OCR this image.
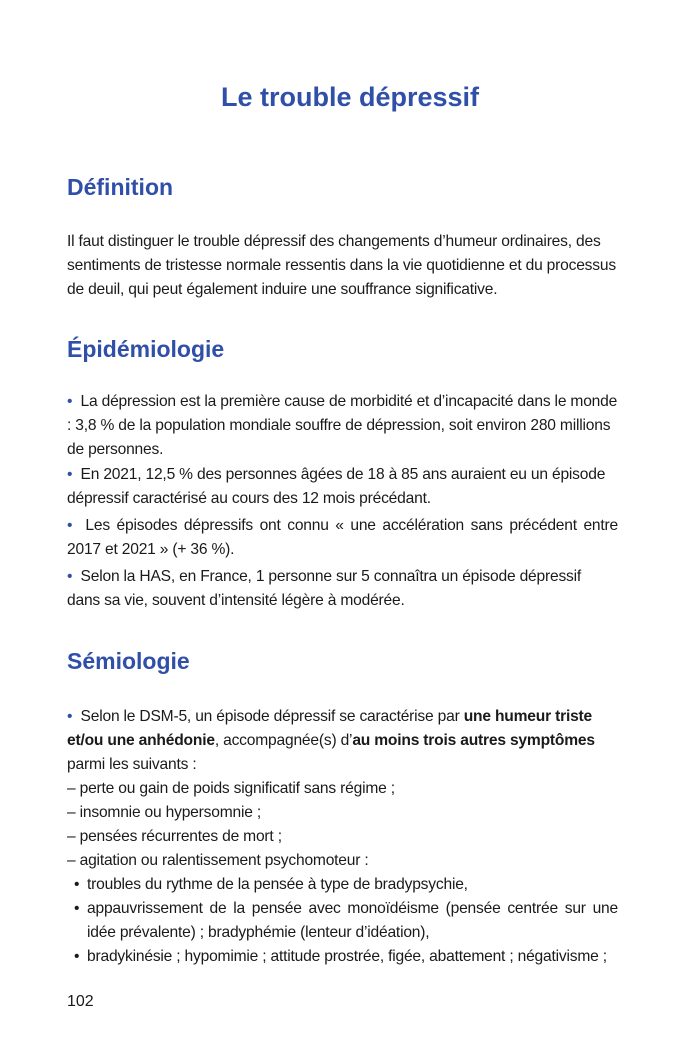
Le trouble dépressif
Définition

Il faut distinguer le trouble dépressif des changements d’humeur ordinaires, des sentiments de tristesse normale ressentis dans la vie quotidienne et du processus de deuil, qui peut également induire une souffrance significative.

Épidémiologie

• La dépression est la première cause de morbidité et d’incapacité dans le monde : 3,8 % de la population mondiale souffre de dépression, soit environ 280 millions de personnes.

• En 2021, 12,5 % des personnes âgées de 18 à 85 ans auraient eu un épisode dépressif caractérisé au cours des 12 mois précédant.

• Les épisodes dépressifs ont connu « une accélération sans précédent entre 2017 et 2021 » (+ 36 %).

• Selon la HAS, en France, 1 personne sur 5 connaîtra un épisode dépressif dans sa vie, souvent d’intensité légère à modérée.

Sémiologie

• Selon le DSM-5, un épisode dépressif se caractérise par une humeur triste et/ou une anhédonie, accompagnée(s) d’au moins trois autres symptômes parmi les suivants :

– perte ou gain de poids significatif sans régime ;
– insomnie ou hypersomnie ;
– pensées récurrentes de mort ;
– agitation ou ralentissement psychomoteur :
• troubles du rythme de la pensée à type de bradypsychie,
• appauvrissement de la pensée avec monoïdéisme (pensée centrée sur une idée prévalente) ; bradyphémie (lenteur d’idéation),
• bradykinésie ; hypomimie ; attitude prostrée, figée, abattement ; négativisme ;
102
